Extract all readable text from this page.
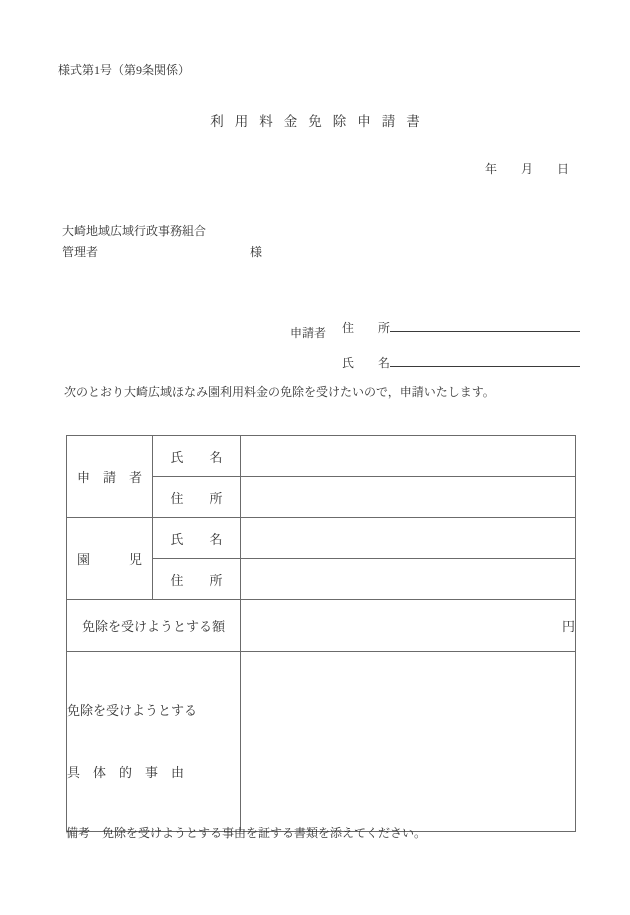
様式第1号（第9条関係）
利用料金免除申請書
年　　月　　日
大崎地域広域行政事務組合
管理者	様

住　　所

申請者

氏　　名

次のとおり大崎広域ほなみ園利用料金の免除を受けたいので，申請いたします。
申　請　者	氏　　名	
	住　　所	
園　　　児	氏　　名	
	住　　所	
免除を受けようとする額		円

免除を受けようとする

具　体　的　事　由		

備考　免除を受けようとする事由を証する書類を添えてください。
